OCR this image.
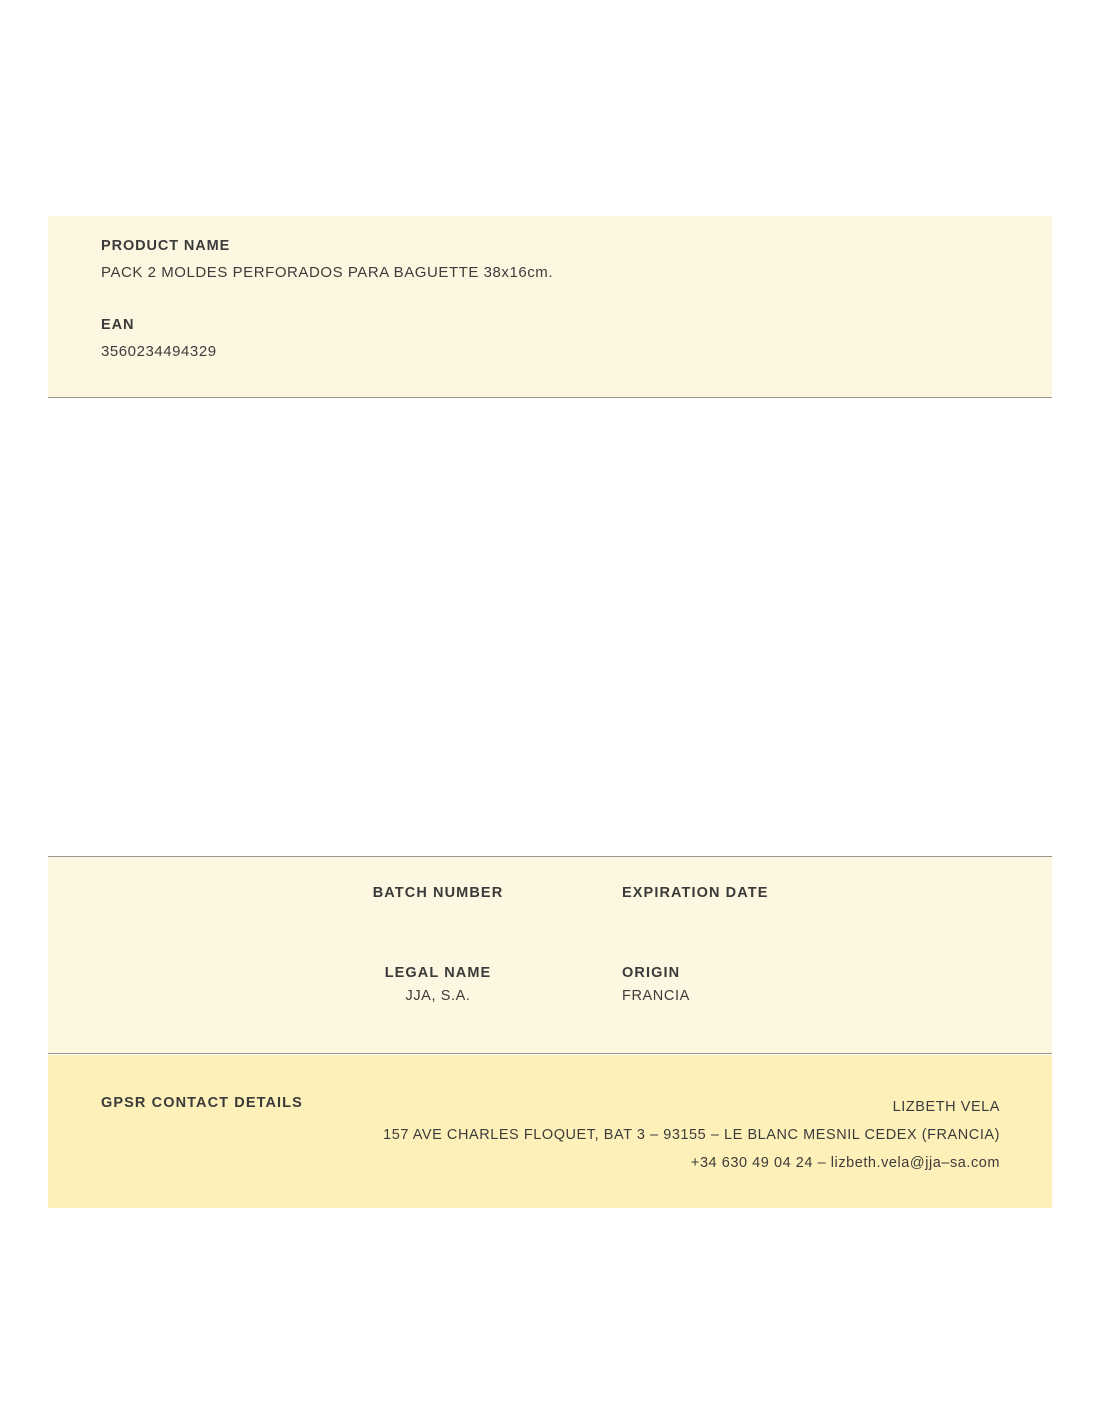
PRODUCT NAME

PACK 2 MOLDES PERFORADOS PARA BAGUETTE 38x16cm.

EAN

3560234494329

BATCH NUMBER	EXPIRATION DATE

LEGAL NAME

JJA, S.A.

ORIGIN

FRANCIA

GPSR CONTACT DETAILS	LIZBETH VELA
157 AVE CHARLES FLOQUET, BAT 3 – 93155 – LE BLANC MESNIL CEDEX (FRANCIA)
+34 630 49 04 24 – lizbeth.vela@jja–sa.com
